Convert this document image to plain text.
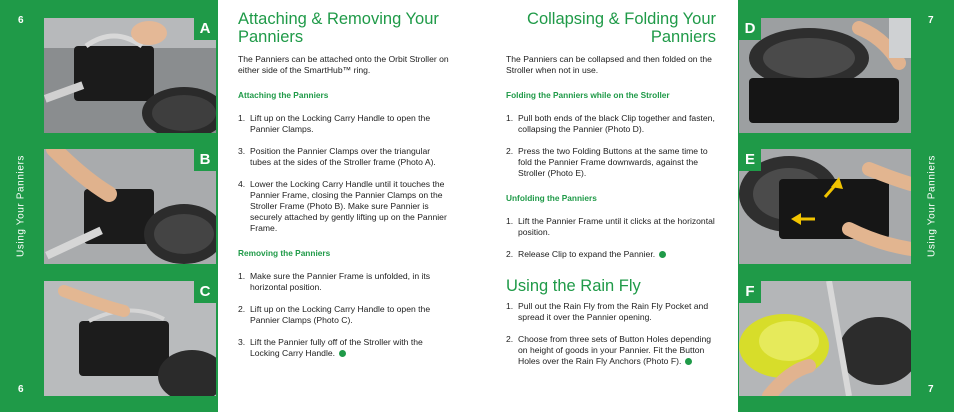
6
6
Using Your Panniers
A
B
C
Attaching & Removing Your Panniers

The Panniers can be attached onto the Orbit Stroller on either side of the SmartHub™ ring.

Attaching the Panniers
1. Lift up on the Locking Carry Handle to open the Pannier Clamps.
3. Position the Pannier Clamps over the triangular tubes at the sides of the Stroller frame (Photo A).
4. Lower the Locking Carry Handle until it touches the Pannier Frame, closing the Pannier Clamps on the Stroller Frame (Photo B). Make sure Pannier is securely attached by gently lifting up on the Pannier Frame.
Removing the Panniers
1. Make sure the Pannier Frame is unfolded, in its horizontal position.
2. Lift up on the Locking Carry Handle to open the Pannier Clamps (Photo C).
3. Lift the Pannier fully off of the Stroller with the Locking Carry Handle.
Collapsing & Folding Your Panniers

The Panniers can be collapsed and then folded on the Stroller when not in use.

Folding the Panniers while on the Stroller
1. Pull both ends of the black Clip together and fasten, collapsing the Pannier (Photo D).
2. Press the two Folding Buttons at the same time to fold the Pannier Frame downwards, against the Stroller (Photo E).
Unfolding the Panniers
1. Lift the Pannier Frame until it clicks at the horizontal position.
2. Release Clip to expand the Pannier.
Using the Rain Fly
1. Pull out the Rain Fly from the Rain Fly Pocket and spread it over the Pannier opening.
2. Choose from three sets of Button Holes depending on height of goods in your Pannier. Fit the Button Holes over the Rain Fly Anchors (Photo F).
7
7
Using Your Panniers
D
E
F
